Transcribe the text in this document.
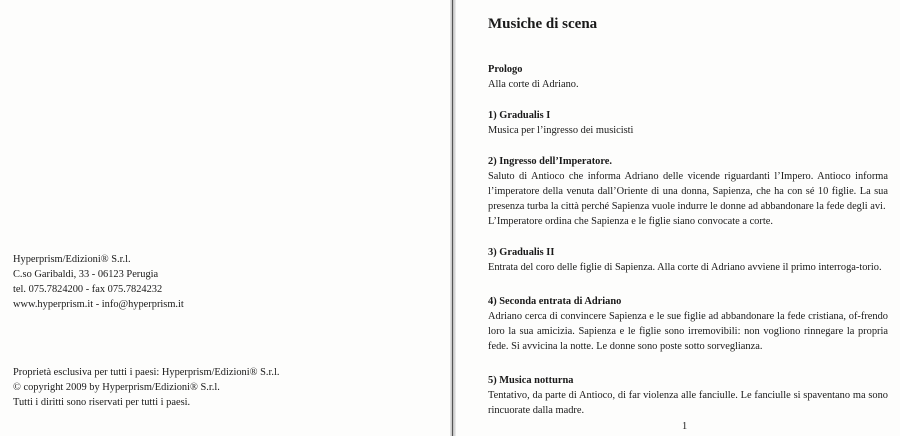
Hyperprism/Edizioni® S.r.l.
C.so Garibaldi, 33 - 06123 Perugia
tel. 075.7824200 - fax 075.7824232
www.hyperprism.it - info@hyperprism.it
Proprietà esclusiva per tutti i paesi: Hyperprism/Edizioni® S.r.l.
© copyright 2009 by Hyperprism/Edizioni® S.r.l.
Tutti i diritti sono riservati per tutti i paesi.
Musiche di scena
Prologo
Alla corte di Adriano.
1) Gradualis I
Musica per l’ingresso dei musicisti
2) Ingresso dell’Imperatore.
Saluto di Antioco che informa Adriano delle vicende riguardanti l’Impero. Antioco informa l’imperatore della venuta dall’Oriente di una donna, Sapienza, che ha con sé 10 figlie. La sua presenza turba la città perché Sapienza vuole indurre le donne ad abbandonare la fede degli avi.
L’Imperatore ordina che Sapienza e le figlie siano convocate a corte.
3) Gradualis II
Entrata del coro delle figlie di Sapienza. Alla corte di Adriano avviene il primo interroga-torio.
4) Seconda entrata di Adriano
Adriano cerca di convincere Sapienza e le sue figlie ad abbandonare la fede cristiana, of-frendo loro la sua amicizia. Sapienza e le figlie sono irremovibili: non vogliono rinnegare la propria fede. Si avvicina la notte. Le donne sono poste sotto sorveglianza.
5) Musica notturna
Tentativo, da parte di Antioco, di far violenza alle fanciulle. Le fanciulle si spaventano ma sono rincuorate dalla madre.
1
